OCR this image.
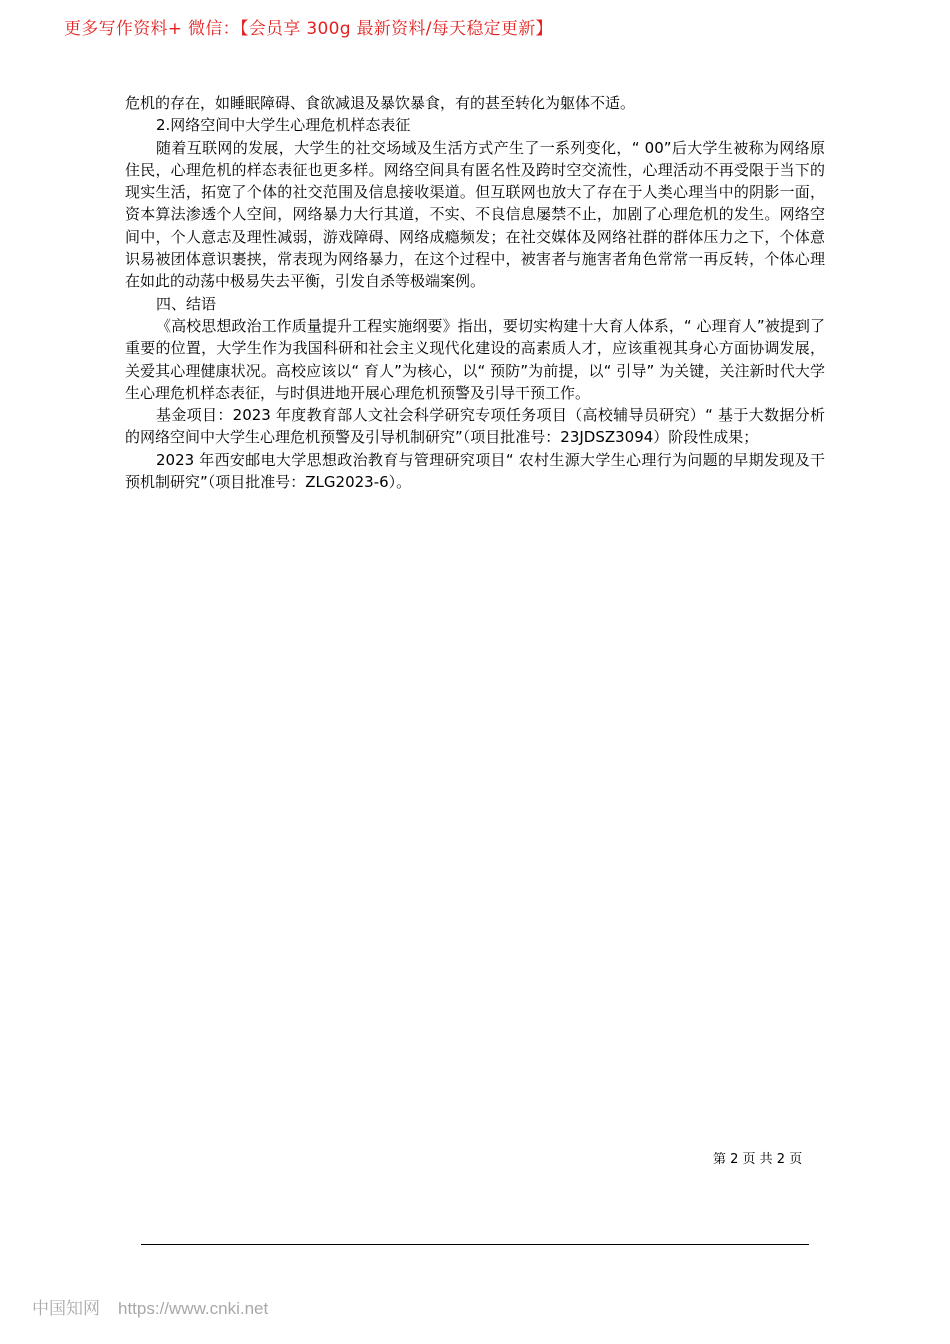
更多写作资料+ 微信：【会员享 300g 最新资料/每天稳定更新】

危机的存在，如睡眠障碍、食欲减退及暴饮暴食，有的甚至转化为躯体不适。

2.网络空间中大学生心理危机样态表征

随着互联网的发展，大学生的社交场域及生活方式产生了一系列变化，“ 00”后大学生被称为网络原住民，心理危机的样态表征也更多样。网络空间具有匿名性及跨时空交流性，心理活动不再受限于当下的现实生活，拓宽了个体的社交范围及信息接收渠道。但互联网也放大了存在于人类心理当中的阴影一面，资本算法渗透个人空间，网络暴力大行其道，不实、不良信息屡禁不止，加剧了心理危机的发生。网络空间中，个人意志及理性减弱，游戏障碍、网络成瘾频发；在社交媒体及网络社群的群体压力之下，个体意识易被团体意识裹挟，常表现为网络暴力，在这个过程中，被害者与施害者角色常常一再反转，个体心理在如此的动荡中极易失去平衡，引发自杀等极端案例。

四、结语

《高校思想政治工作质量提升工程实施纲要》指出，要切实构建十大育人体系，“ 心理育人”被提到了重要的位置，大学生作为我国科研和社会主义现代化建设的高素质人才，应该重视其身心方面协调发展，关爱其心理健康状况。高校应该以“ 育人”为核心，以“ 预防”为前提，以“ 引导” 为关键，关注新时代大学生心理危机样态表征，与时俱进地开展心理危机预警及引导干预工作。

基金项目：2023 年度教育部人文社会科学研究专项任务项目（高校辅导员研究）“ 基于大数据分析的网络空间中大学生心理危机预警及引导机制研究”（项目批准号：23JDSZ3094）阶段性成果；

2023 年西安邮电大学思想政治教育与管理研究项目“ 农村生源大学生心理行为问题的早期发现及干预机制研究”（项目批准号：ZLG2023-6）。

第 2 页 共 2 页
中国知网 https://www.cnki.net
